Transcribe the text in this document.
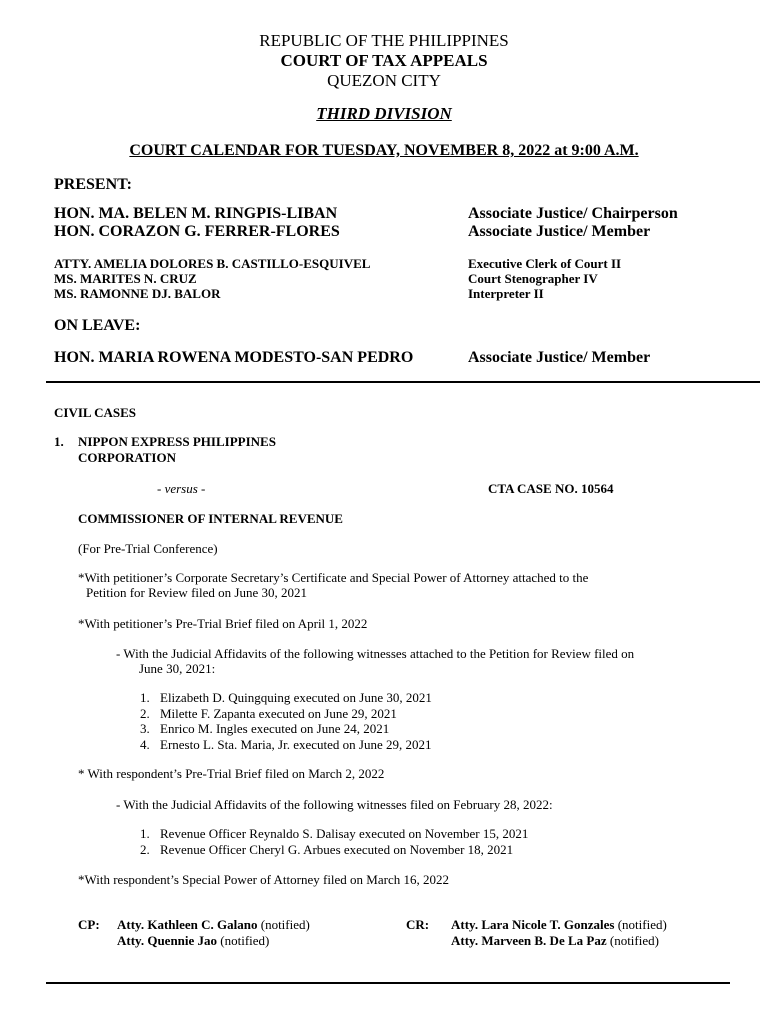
REPUBLIC OF THE PHILIPPINES
COURT OF TAX APPEALS
QUEZON CITY
THIRD DIVISION
COURT CALENDAR FOR TUESDAY, NOVEMBER 8, 2022 at 9:00 A.M.
PRESENT:
HON. MA. BELEN M. RINGPIS-LIBAN	Associate Justice/ Chairperson
HON. CORAZON G. FERRER-FLORES	Associate Justice/ Member
ATTY. AMELIA DOLORES B. CASTILLO-ESQUIVEL	Executive Clerk of Court II
MS. MARITES N. CRUZ	Court Stenographer IV
MS. RAMONNE DJ. BALOR	Interpreter II
ON LEAVE:
HON. MARIA ROWENA MODESTO-SAN PEDRO	Associate Justice/ Member
CIVIL CASES
1. NIPPON EXPRESS PHILIPPINES
CORPORATION
- versus -	CTA CASE NO. 10564
COMMISSIONER OF INTERNAL REVENUE
(For Pre-Trial Conference)
*With petitioner’s Corporate Secretary’s Certificate and Special Power of Attorney attached to the
Petition for Review filed on June 30, 2021
*With petitioner’s Pre-Trial Brief filed on April 1, 2022
- With the Judicial Affidavits of the following witnesses attached to the Petition for Review filed on
June 30, 2021:
1. Elizabeth D. Quingquing executed on June 30, 2021
2. Milette F. Zapanta executed on June 29, 2021
3. Enrico M. Ingles executed on June 24, 2021
4. Ernesto L. Sta. Maria, Jr. executed on June 29, 2021
* With respondent’s Pre-Trial Brief filed on March 2, 2022
- With the Judicial Affidavits of the following witnesses filed on February 28, 2022:
1. Revenue Officer Reynaldo S. Dalisay executed on November 15, 2021
2. Revenue Officer Cheryl G. Arbues executed on November 18, 2021
*With respondent’s Special Power of Attorney filed on March 16, 2022
CP: Atty. Kathleen C. Galano (notified)
Atty. Quennie Jao (notified)
CR: Atty. Lara Nicole T. Gonzales (notified)
Atty. Marveen B. De La Paz (notified)
